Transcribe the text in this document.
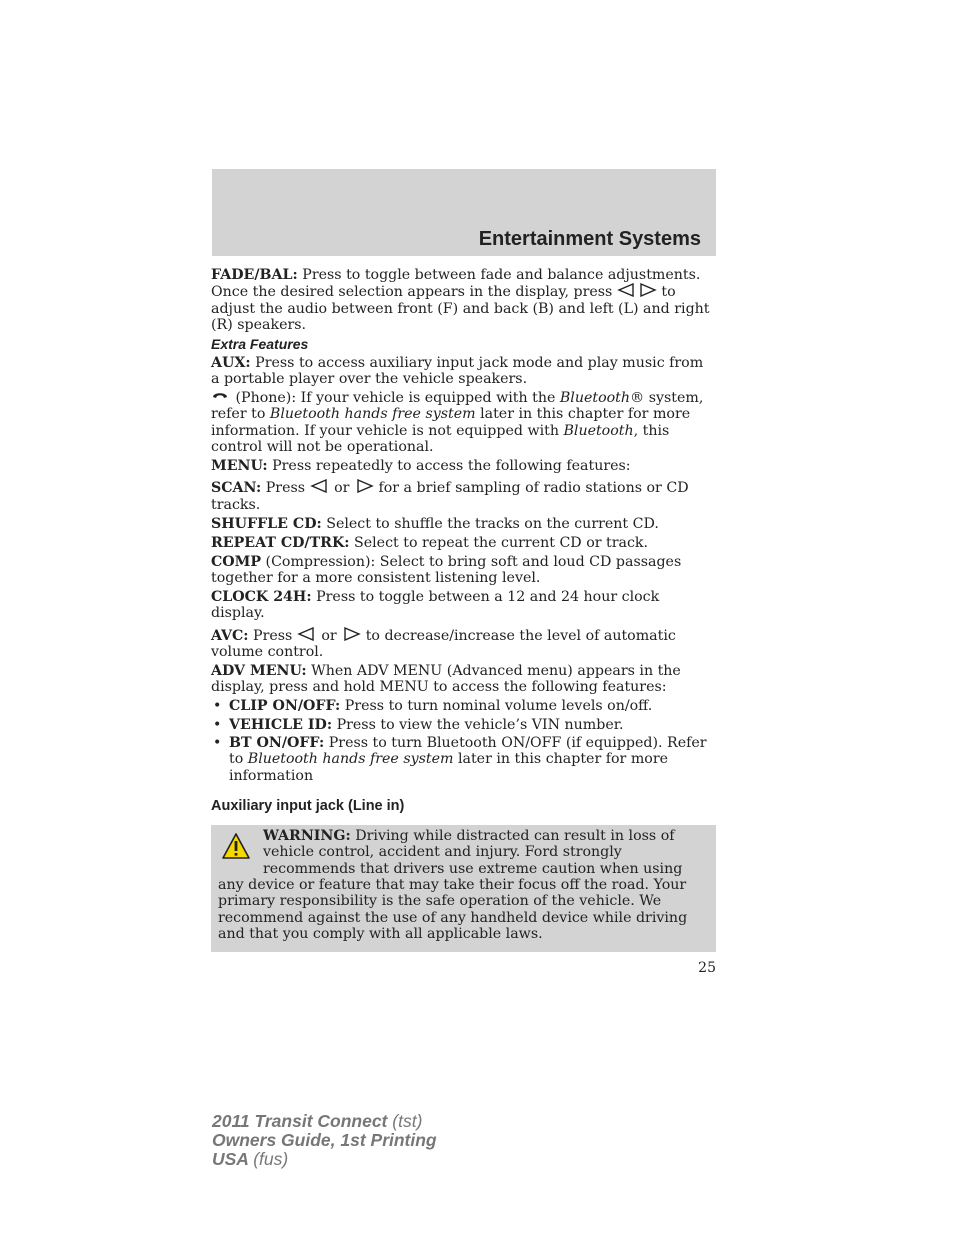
Entertainment Systems

FADE/BAL: Press to toggle between fade and balance adjustments. Once the desired selection appears in the display, press	to adjust the audio between front (F) and back (B) and left (L) and right (R) speakers.

Extra Features

AUX: Press to access auxiliary input jack mode and play music from a portable player over the vehicle speakers.

(Phone): If your vehicle is equipped with the Bluetooth® system, refer to Bluetooth hands free system later in this chapter for more information. If your vehicle is not equipped with Bluetooth, this control will not be operational.

MENU: Press repeatedly to access the following features:

SCAN: Press or for a brief sampling of radio stations or CD tracks.

SHUFFLE CD: Select to shuffle the tracks on the current CD.

REPEAT CD/TRK: Select to repeat the current CD or track.

COMP (Compression): Select to bring soft and loud CD passages together for a more consistent listening level.

CLOCK 24H: Press to toggle between a 12 and 24 hour clock display.

AVC: Press or to decrease/increase the level of automatic volume control.

ADV MENU: When ADV MENU (Advanced menu) appears in the display, press and hold MENU to access the following features:

• CLIP ON/OFF: Press to turn nominal volume levels on/off.
• VEHICLE ID: Press to view the vehicle’s VIN number.
• BT ON/OFF: Press to turn Bluetooth ON/OFF (if equipped). Refer to Bluetooth hands free system later in this chapter for more information
Auxiliary input jack (Line in)
WARNING: Driving while distracted can result in loss of vehicle control, accident and injury. Ford strongly recommends that drivers use extreme caution when using any device or feature that may take their focus off the road. Your primary responsibility is the safe operation of the vehicle. We recommend against the use of any handheld device while driving and that you comply with all applicable laws.
25
2011 Transit Connect (tst)
Owners Guide, 1st Printing
USA (fus)
